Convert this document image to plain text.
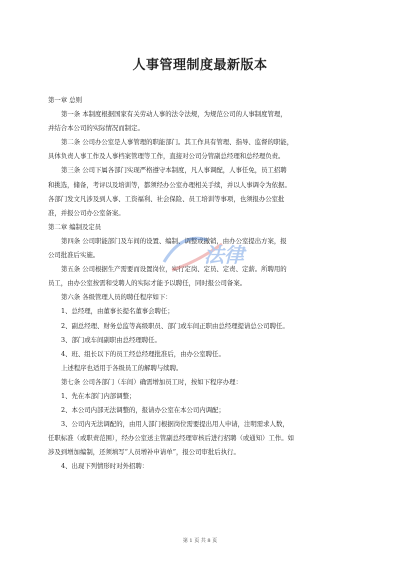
人事管理制度最新版本

第一章 总则

第一条 本制度根据国家有关劳动人事的法令法规，为规范公司的人事制度管理，

并结合本公司的实际情况而制定。

第二条 公司办公室是人事管理的职能部门。其工作具有管理、指导、监督的职能，

具体负责人事工作及人事档案管理等工作，直接对公司分管副总经理和总经理负责。

第三条 公司下属各部门实现严格遵守本制度，凡人事调配，人事任免，员工招聘

和挑选，储备，考评以及培训等，都须经办公室办理相关手续，并以人事调令为依据。

各部门发文凡涉及到人事、工资福利、社会保险、员工培训等事项，也须报办公室批

准，并报公司办公室备案。

第二章 编制及定员

第四条 公司职能部门及车间的设置、编制、调整或撤销，由办公室提出方案，报

公司批准后实施。

第五条 公司根据生产需要而设置岗位，实行定岗、定员、定责、定薪。所聘用的

员工，由办公室按需和受聘人的实际才能予以聘任，同时报公司备案。

第六条 各级管理人员的聘任程序如下：

1、总经理，由董事长提名董事会聘任；

2、副总经理、财务总监等高级职员、部门或车间正职由总经理提请总公司聘任。

3、部门或车间副职由总经理聘任。

4、班、组长以下的员工经总经理批准后，由办公室聘任。

上述程序也适用于各级员工的解聘与续聘。

第七条 公司各部门（车间）确需增加员工时，按如下程序办理：

1、先在本部门内部调整；

2、本公司内部无法调整的，报请办公室在本公司内调配；

3、公司内无法调配的，由用人部门根据岗位需要提出用人申请，注明需求人数，

任职标准（或职责范围），经办公室送主管副总经理审核后进行招聘（或通知）工作。如

涉及到增加编制，还须填写“人员增补申请单”，报公司审批后执行。

4、出现下列情形时对外招聘：

法律
第 1 页 共 8 页
